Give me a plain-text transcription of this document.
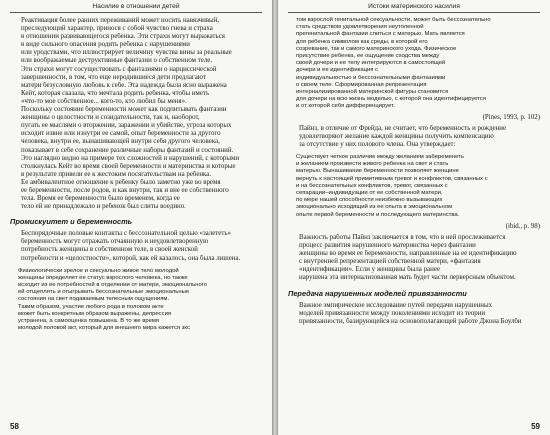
Насилие в отношении детей

Реактивация более ранних переживаний может носить навязчивый,
преследующий характер, принося с собой чувство гнева и страха
в отношении развивающегося ребенка. Эти страхи могут выражаться
в виде сильного опасения родить ребенка с нарушениями
или уродствами, что иллюстрирует величину чувства вины за реальные
или воображаемые деструктивные фантазии о собственном теле.
Эти страхи могут сосуществовать с фантазиями о нарциссической
завершенности, в том, что еще неродившиеся дети предлагают
матери безусловную любовь к себе. Эта надежда была ясно выражена
Кейт, которая сказала, что мечтала родить ребенка, чтобы иметь
«что-то мое собственное... кого-то, кто любил бы меня».

Поскольку состояние беременности может как подпитывать фантазии
женщины о целостности и созидательности, так и, наоборот,
пугать ее мыслями о вторжении, заражении и убийстве, угроза которых
исходит извне или изнутри ее самой, опыт беременности за другого
человека, внутри ее, вынашивающей внутри себя другого человека,
показывает в себе сохранение различные наборы фантазий и состояний.
Это наглядно видно на примере тех сложностей и нарушений, с которыми
столкнулась Кейт во время своей беременности и материнства и которые
в результате привели ее к жестоким посягательствам на ребенка.
Ее амбивалентное отношение к ребенку было заметно уже во время
ее беременности, после родов, и как внутри, так и вне ее собственного
тела. Время ее беременности было временем, когда ее
тело ей не принадлежало и ребенок был слиты воедино.

Промискуитет и беременность

Беспорядочные половые контакты с бессознательной целью «залететь»
беременность могут отражать отчаянную и неудовлетворенную
потребность женщины в собственном теле, в своей женской
потребности и «целостности», которой, как ей казалось, она была лишена.

Физиологически зрелое и сексуально живое тело молодой
женщины определяет ее статус взрослого человека, но также
исходит из ее потребностей в отделении от матери, эмоционального
ей отщеплять и отыгрывать бессознательные эмоциональные
состояния на свет подаваемым телесным ощущениям.
Таким образом, участие любого рода в половом акте
может быть конкретным образом выражены, депрессия
устранена, а самооценка повышена. В то же время
молодой половой акт, который для внешнего мира кажется зкс
58
Истоки материнского насилия
том взрослой генитальной сексуальности, может быть бессознательно
стать средством удовлетворения неутоленной
прегенитальной фантазии слиться с матерью. Мать является
для ребенка символом как среды, в которой его
созревание, так и самого материнского ухода. Физическое
присутствие ребенка, ее ощущение сходства между
своей дочери и ее телу интегрируются в самостоящей
дочери и ее идентификация с
индивидуальностью и бессознательными фантазиями
о своем теле. Сформированная репрезентация
интернализированной материнской фигуры становится
для дочери на всю жизнь моделью, с которой она идентифицируется
и от которой себя дифференцирует.
(Pines, 1993, p. 102)

Пайнз, в отличие от Фрейда, не считает, что беременность и рождение
удовлетворяют желание каждой женщины получить компенсацию
за отсутствие у них полового члена. Она утверждает:

Существует четкое различие между желанием забеременеть
и желанием произвести живого ребенка на свет и стать
матерью. Вынашивание беременности позволяет женщине
вернуть к настоящей примитивным тревог и конфликтов, связанных с
и на бессознательных конфликтов, тревог, связанных с
сепарации–индивидуации от ее собственной матери,
по мере нашей способности неизбежно вызывающих
эмоционально исходящий из ее опыта в эмоциональном
опыте первой беременности и последующего материнства.
(ibid., p. 98)

Важность работы Пайнз заключается в том, что в ней прослеживается
процесс развития нарушенного материнства через фантазии
женщины во время ее беременности, направленные на ее идентификацию
с внутренней репрезентацией собственной матери, «фантазия
«идентификации». Если у женщины была ранее
нарушена эта интернализованная мать будет части перверсным объектом.

Передача нарушенных моделей привязанности

Важное эмпирическое исследование путей передачи нарушенных
моделей привязанности между поколениями исходит из теории
привязанности, базирующейся на основополагающей работе Джона Боулби

59
